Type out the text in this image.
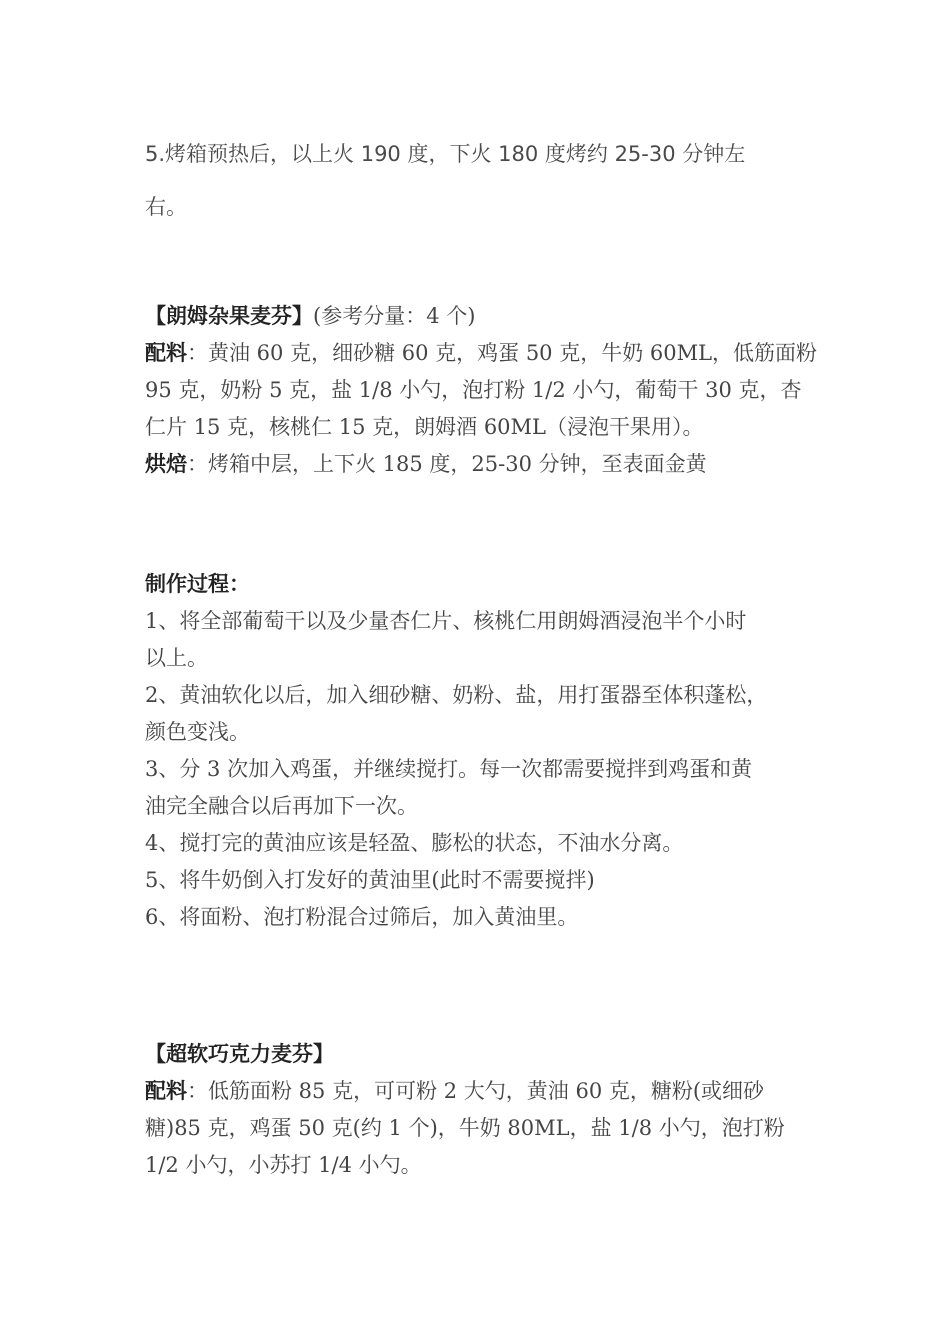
5.烤箱预热后，以上火 190 度，下火 180 度烤约 25-30 分钟左
右。
【朗姆杂果麦芬】(参考分量：4 个)
配料：黄油 60 克，细砂糖 60 克，鸡蛋 50 克，牛奶 60ML，低筋面粉
95 克，奶粉 5 克，盐 1/8 小勺，泡打粉 1/2 小勺，葡萄干 30 克，杏
仁片 15 克，核桃仁 15 克，朗姆酒 60ML（浸泡干果用）。
烘焙：烤箱中层，上下火 185 度，25-30 分钟，至表面金黄
制作过程：
1、将全部葡萄干以及少量杏仁片、核桃仁用朗姆酒浸泡半个小时
以上。
2、黄油软化以后，加入细砂糖、奶粉、盐，用打蛋器至体积蓬松，
颜色变浅。
3、分 3 次加入鸡蛋，并继续搅打。每一次都需要搅拌到鸡蛋和黄
油完全融合以后再加下一次。
4、搅打完的黄油应该是轻盈、膨松的状态，不油水分离。
5、将牛奶倒入打发好的黄油里(此时不需要搅拌)
6、将面粉、泡打粉混合过筛后，加入黄油里。
【超软巧克力麦芬】
配料：低筋面粉 85 克，可可粉 2 大勺，黄油 60 克，糖粉(或细砂
糖)85 克，鸡蛋 50 克(约 1 个)，牛奶 80ML，盐 1/8 小勺，泡打粉
1/2 小勺，小苏打 1/4 小勺。
